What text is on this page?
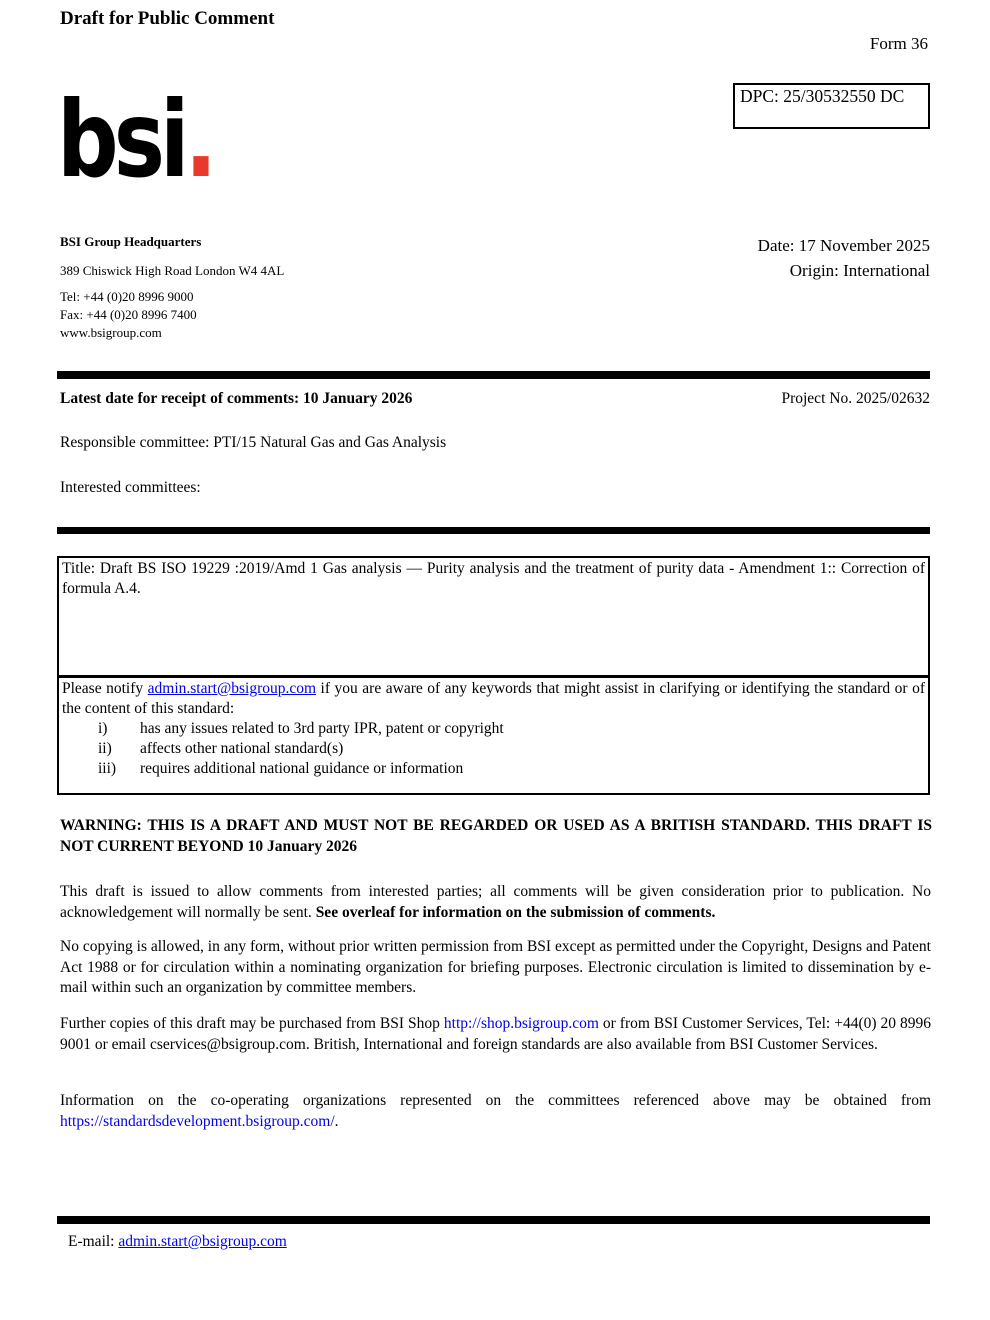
Draft for Public Comment
Form 36
DPC: 25/30532550 DC
bsi.
BSI Group Headquarters
389 Chiswick High Road London W4 4AL
Tel: +44 (0)20 8996 9000
Fax: +44 (0)20 8996 7400
www.bsigroup.com
Date: 17 November 2025
Origin: International
Latest date for receipt of comments: 10 January 2026	Project No. 2025/02632
Responsible committee: PTI/15 Natural Gas and Gas Analysis
Interested committees:
Title: Draft BS ISO 19229 :2019/Amd 1 Gas analysis — Purity analysis and the treatment of purity data - Amendment 1:: Correction of formula A.4.
Please notify admin.start@bsigroup.com if you are aware of any keywords that might assist in clarifying or identifying the standard or of the content of this standard:
i)	has any issues related to 3rd party IPR, patent or copyright
ii)	affects other national standard(s)
iii)	requires additional national guidance or information
WARNING: THIS IS A DRAFT AND MUST NOT BE REGARDED OR USED AS A BRITISH STANDARD. THIS DRAFT IS NOT CURRENT BEYOND 10 January 2026
This draft is issued to allow comments from interested parties; all comments will be given consideration prior to publication. No acknowledgement will normally be sent. See overleaf for information on the submission of comments.
No copying is allowed, in any form, without prior written permission from BSI except as permitted under the Copyright, Designs and Patent Act 1988 or for circulation within a nominating organization for briefing purposes. Electronic circulation is limited to dissemination by e-mail within such an organization by committee members.
Further copies of this draft may be purchased from BSI Shop http://shop.bsigroup.com or from BSI Customer Services, Tel: +44(0) 20 8996 9001 or email cservices@bsigroup.com. British, International and foreign standards are also available from BSI Customer Services.
Information on the co-operating organizations represented on the committees referenced above may be obtained from https://standardsdevelopment.bsigroup.com/.
E-mail: admin.start@bsigroup.com
